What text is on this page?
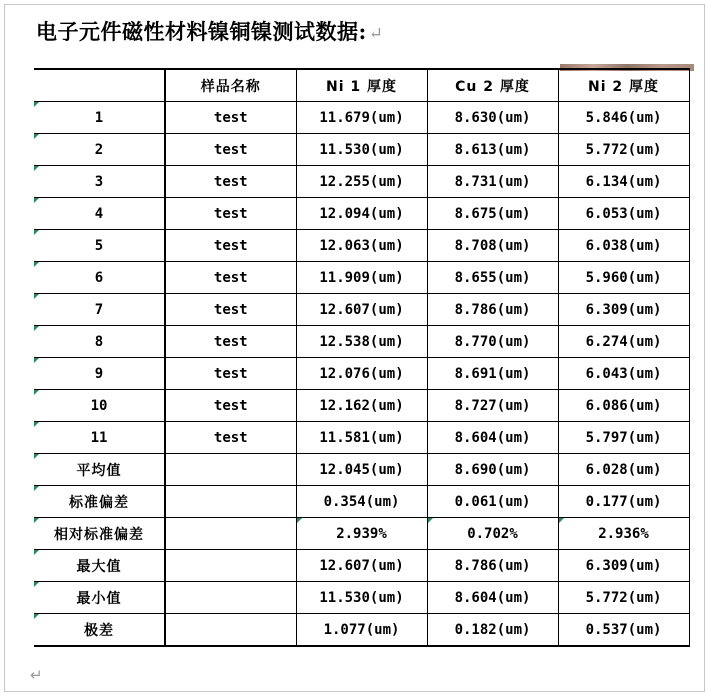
电子元件磁性材料镍铜镍测试数据: ↵
	样品名称	Ni 1 厚度	Cu 2 厚度	Ni 2 厚度
1	test	11.679(um)	8.630(um)	5.846(um)
2	test	11.530(um)	8.613(um)	5.772(um)
3	test	12.255(um)	8.731(um)	6.134(um)
4	test	12.094(um)	8.675(um)	6.053(um)
5	test	12.063(um)	8.708(um)	6.038(um)
6	test	11.909(um)	8.655(um)	5.960(um)
7	test	12.607(um)	8.786(um)	6.309(um)
8	test	12.538(um)	8.770(um)	6.274(um)
9	test	12.076(um)	8.691(um)	6.043(um)
10	test	12.162(um)	8.727(um)	6.086(um)
11	test	11.581(um)	8.604(um)	5.797(um)
平均值		12.045(um)	8.690(um)	6.028(um)
标准偏差		0.354(um)	0.061(um)	0.177(um)
相对标准偏差		2.939%	0.702%	2.936%
最大值		12.607(um)	8.786(um)	6.309(um)
最小值		11.530(um)	8.604(um)	5.772(um)
极差		1.077(um)	0.182(um)	0.537(um)
↵
